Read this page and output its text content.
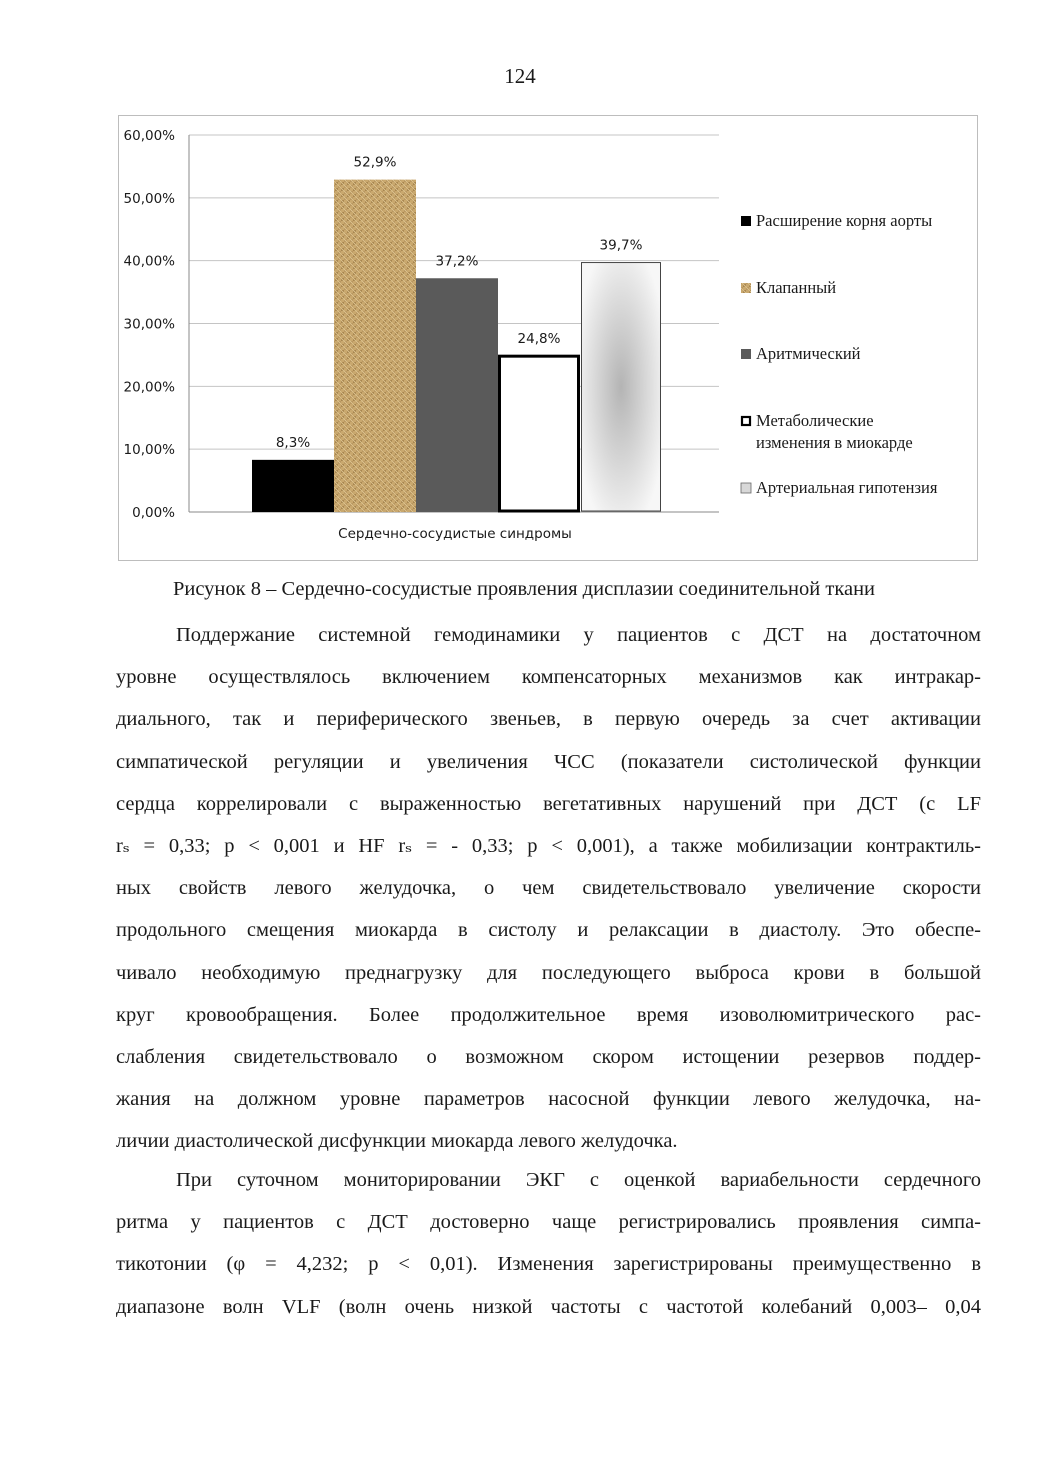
124
0,00%
10,00%
20,00%
30,00%
40,00%
50,00%
60,00%
8,3%
52,9%
37,2%
24,8%
39,7%
Расширение корня аорты
Клапанный
Аритмический
Метаболические
изменения в миокарде
Артериальная гипотензия
Сердечно-сосудистые синдромы
Рисунок 8 – Сердечно-сосудистые проявления дисплазии соединительной ткани
Поддержание системной гемодинамики у пациентов с ДСТ на достаточном
уровне осуществлялось включением компенсаторных механизмов как интракар-
диального, так и периферического звеньев, в первую очередь за счет активации
симпатической регуляции и увеличения ЧСС (показатели систолической функции
сердца коррелировали с выраженностью вегетативных нарушений при ДСТ (с LF
rₛ = 0,33; р < 0,001 и HF rₛ = - 0,33; р < 0,001), а также мобилизации контрактиль-
ных свойств левого желудочка, о чем свидетельствовало увеличение скорости
продольного смещения миокарда в систолу и релаксации в диастолу. Это обеспе-
чивало необходимую преднагрузку для последующего выброса крови в большой
круг кровообращения. Более продолжительное время изоволюмитрического рас-
слабления свидетельствовало о возможном скором истощении резервов поддер-
жания на должном уровне параметров насосной функции левого желудочка, на-
личии диастолической дисфункции миокарда левого желудочка.
При суточном мониторировании ЭКГ с оценкой вариабельности сердечного
ритма у пациентов с ДСТ достоверно чаще регистрировались проявления симпа-
тикотонии (φ = 4,232; р < 0,01). Изменения зарегистрированы преимущественно в
диапазоне волн VLF (волн очень низкой частоты с частотой колебаний 0,003– 0,04
